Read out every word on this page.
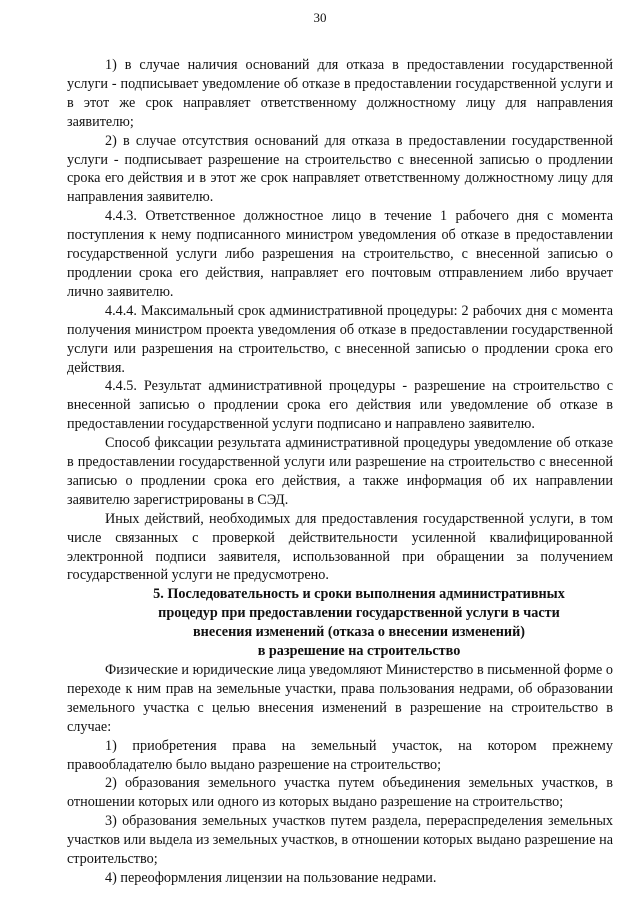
30

1) в случае наличия оснований для отказа в предоставлении государственной услуги - подписывает уведомление об отказе в предоставлении государственной услуги и в этот же срок направляет ответственному должностному лицу для направления заявителю;

2) в случае отсутствия оснований для отказа в предоставлении государственной услуги - подписывает разрешение на строительство с внесенной записью о продлении срока его действия и в этот же срок направляет ответственному должностному лицу для направления заявителю.

4.4.3. Ответственное должностное лицо в течение 1 рабочего дня с момента поступления к нему подписанного министром уведомления об отказе в предоставлении государственной услуги либо разрешения на строительство, с внесенной записью о продлении срока его действия, направляет его почтовым отправлением либо вручает лично заявителю.

4.4.4. Максимальный срок административной процедуры: 2 рабочих дня с момента получения министром проекта уведомления об отказе в предоставлении государственной услуги или разрешения на строительство, с внесенной записью о продлении срока его действия.

4.4.5. Результат административной процедуры - разрешение на строительство с внесенной записью о продлении срока его действия или уведомление об отказе в предоставлении государственной услуги подписано и направлено заявителю.

Способ фиксации результата административной процедуры уведомление об отказе в предоставлении государственной услуги или разрешение на строительство с внесенной записью о продлении срока его действия, а также информация об их направлении заявителю зарегистрированы в СЭД.

Иных действий, необходимых для предоставления государственной услуги, в том числе связанных с проверкой действительности усиленной квалифицированной электронной подписи заявителя, использованной при обращении за получением государственной услуги не предусмотрено.

5. Последовательность и сроки выполнения административных
процедур при предоставлении государственной услуги в части
внесения изменений (отказа о внесении изменений)
в разрешение на строительство

Физические и юридические лица уведомляют Министерство в письменной форме о переходе к ним прав на земельные участки, права пользования недрами, об образовании земельного участка с целью внесения изменений в разрешение на строительство в случае:

1) приобретения права на земельный участок, на котором прежнему правообладателю было выдано разрешение на строительство;

2) образования земельного участка путем объединения земельных участков, в отношении которых или одного из которых выдано разрешение на строительство;

3) образования земельных участков путем раздела, перераспределения земельных участков или выдела из земельных участков, в отношении которых выдано разрешение на строительство;

4) переоформления лицензии на пользование недрами.
